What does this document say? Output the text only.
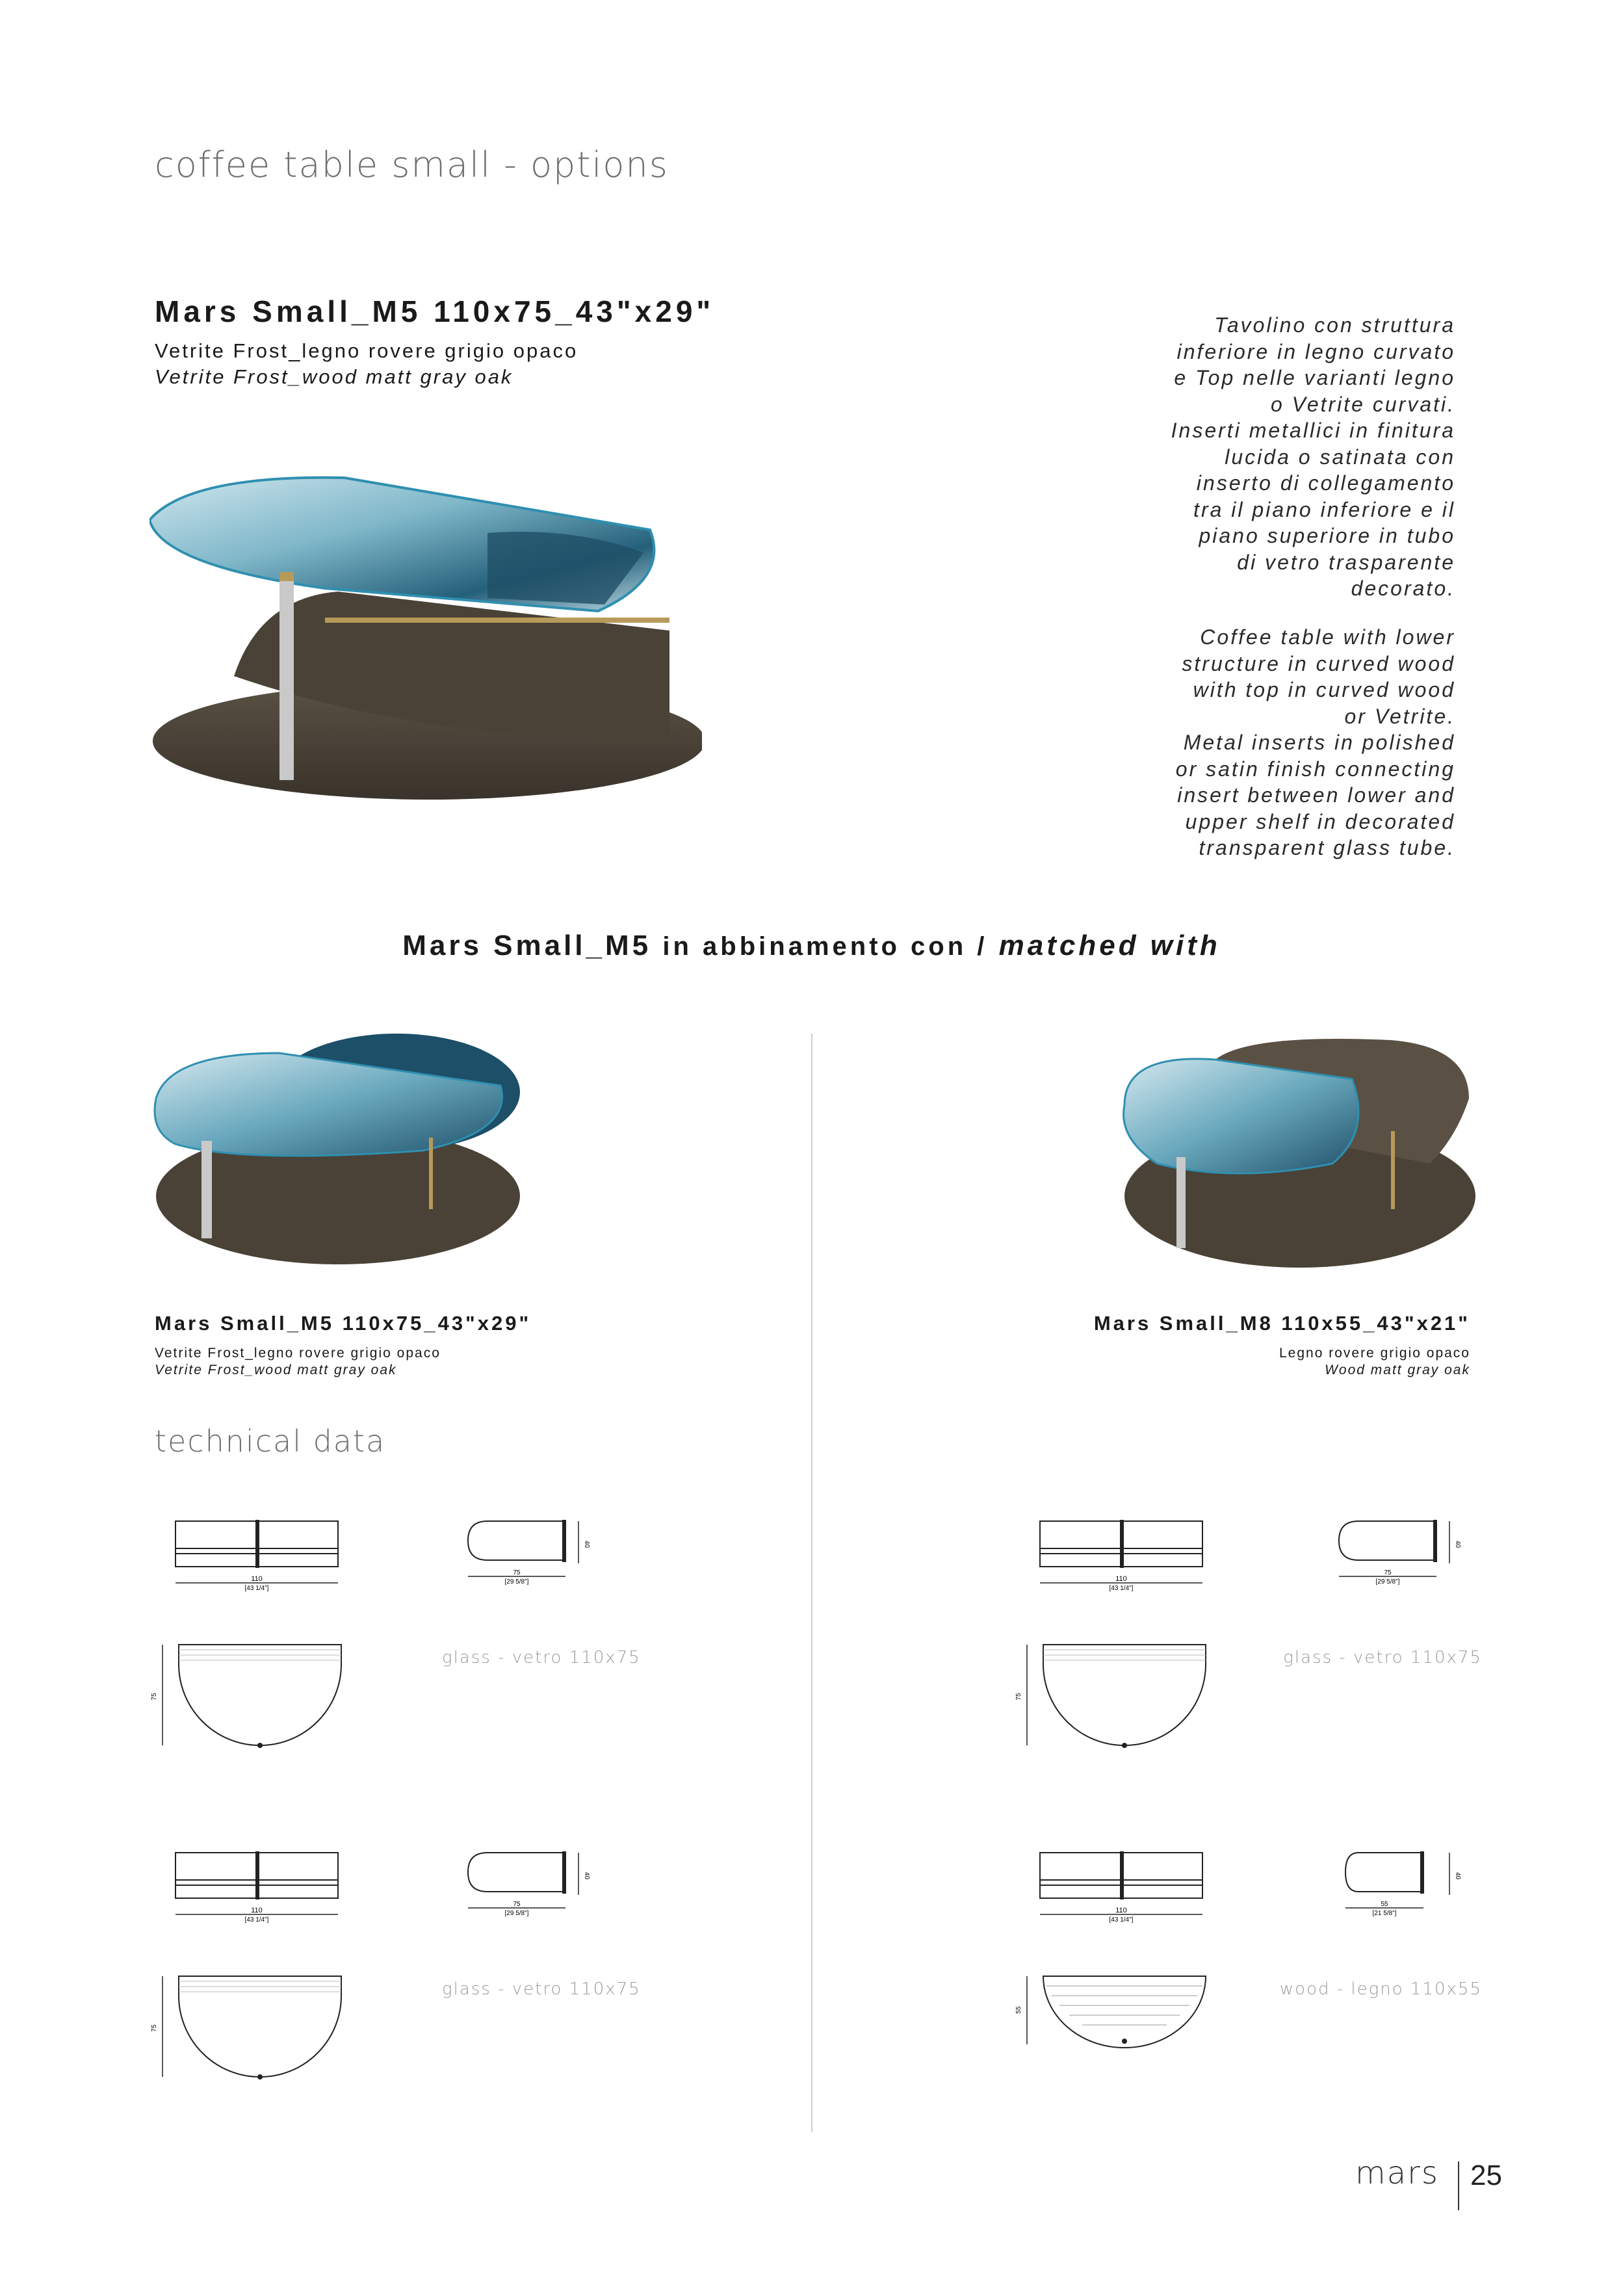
coffee table small - options
Mars Small_M5 110x75_43"x29"
Vetrite Frost_legno rovere grigio opaco
Vetrite Frost_wood matt gray oak
Tavolino con struttura
inferiore in legno curvato
e Top nelle varianti legno
o Vetrite curvati.
Inserti metallici in finitura
lucida o satinata con
inserto di collegamento
tra il piano inferiore e il
piano superiore in tubo
di vetro trasparente
decorato.
Coffee table with lower
structure in curved wood
with top in curved wood
or Vetrite.
Metal inserts in polished
or satin finish connecting
insert between lower and
upper shelf in decorated
transparent glass tube.
Mars Small_M5 in abbinamento con / matched with
Mars Small_M5 110x75_43"x29"
Vetrite Frost_legno rovere grigio opaco
Vetrite Frost_wood matt gray oak
Mars Small_M8 110x55_43"x21"
Legno rovere grigio opaco
Wood matt gray oak
technical data
110
[43 1/4"]
40
75
[29 5/8"]
75
glass - vetro 110x75
110
[43 1/4"]
40
75
[29 5/8"]
75
glass - vetro 110x75
110
[43 1/4"]
40
75
[29 5/8"]
75
glass - vetro 110x75
110
[43 1/4"]
40
55
[21 5/8"]
55
wood - legno 110x55
mars 25
